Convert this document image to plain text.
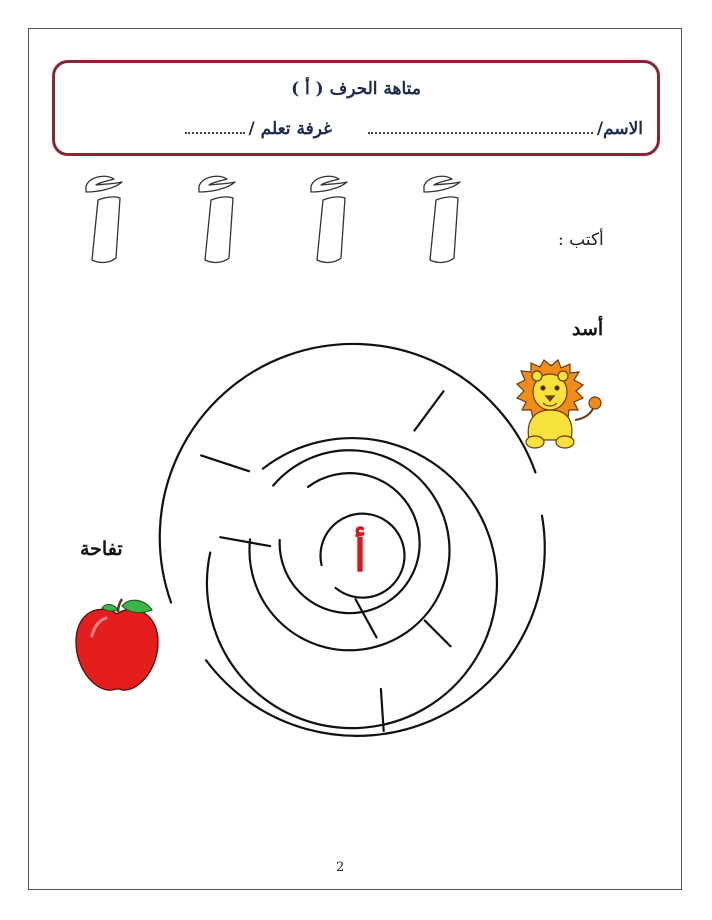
متاهة الحرف ( أ )
الاسم/  غرفة تعلم /
أ
أكتب :
أسد
تفاحة
2
